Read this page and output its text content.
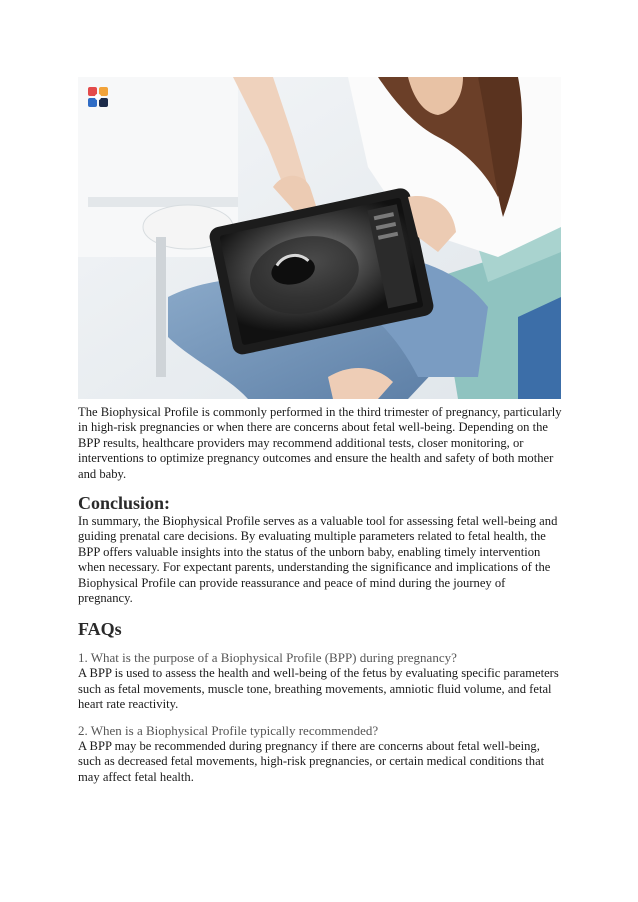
The Biophysical Profile is commonly performed in the third trimester of pregnancy, particularly in high-risk pregnancies or when there are concerns about fetal well-being. Depending on the BPP results, healthcare providers may recommend additional tests, closer monitoring, or interventions to optimize pregnancy outcomes and ensure the health and safety of both mother and baby.

Conclusion:

In summary, the Biophysical Profile serves as a valuable tool for assessing fetal well-being and guiding prenatal care decisions. By evaluating multiple parameters related to fetal health, the BPP offers valuable insights into the status of the unborn baby, enabling timely intervention when necessary. For expectant parents, understanding the significance and implications of the Biophysical Profile can provide reassurance and peace of mind during the journey of pregnancy.

FAQs

1. What is the purpose of a Biophysical Profile (BPP) during pregnancy?

A BPP is used to assess the health and well-being of the fetus by evaluating specific parameters such as fetal movements, muscle tone, breathing movements, amniotic fluid volume, and fetal heart rate reactivity.

2. When is a Biophysical Profile typically recommended?

A BPP may be recommended during pregnancy if there are concerns about fetal well-being, such as decreased fetal movements, high-risk pregnancies, or certain medical conditions that may affect fetal health.
